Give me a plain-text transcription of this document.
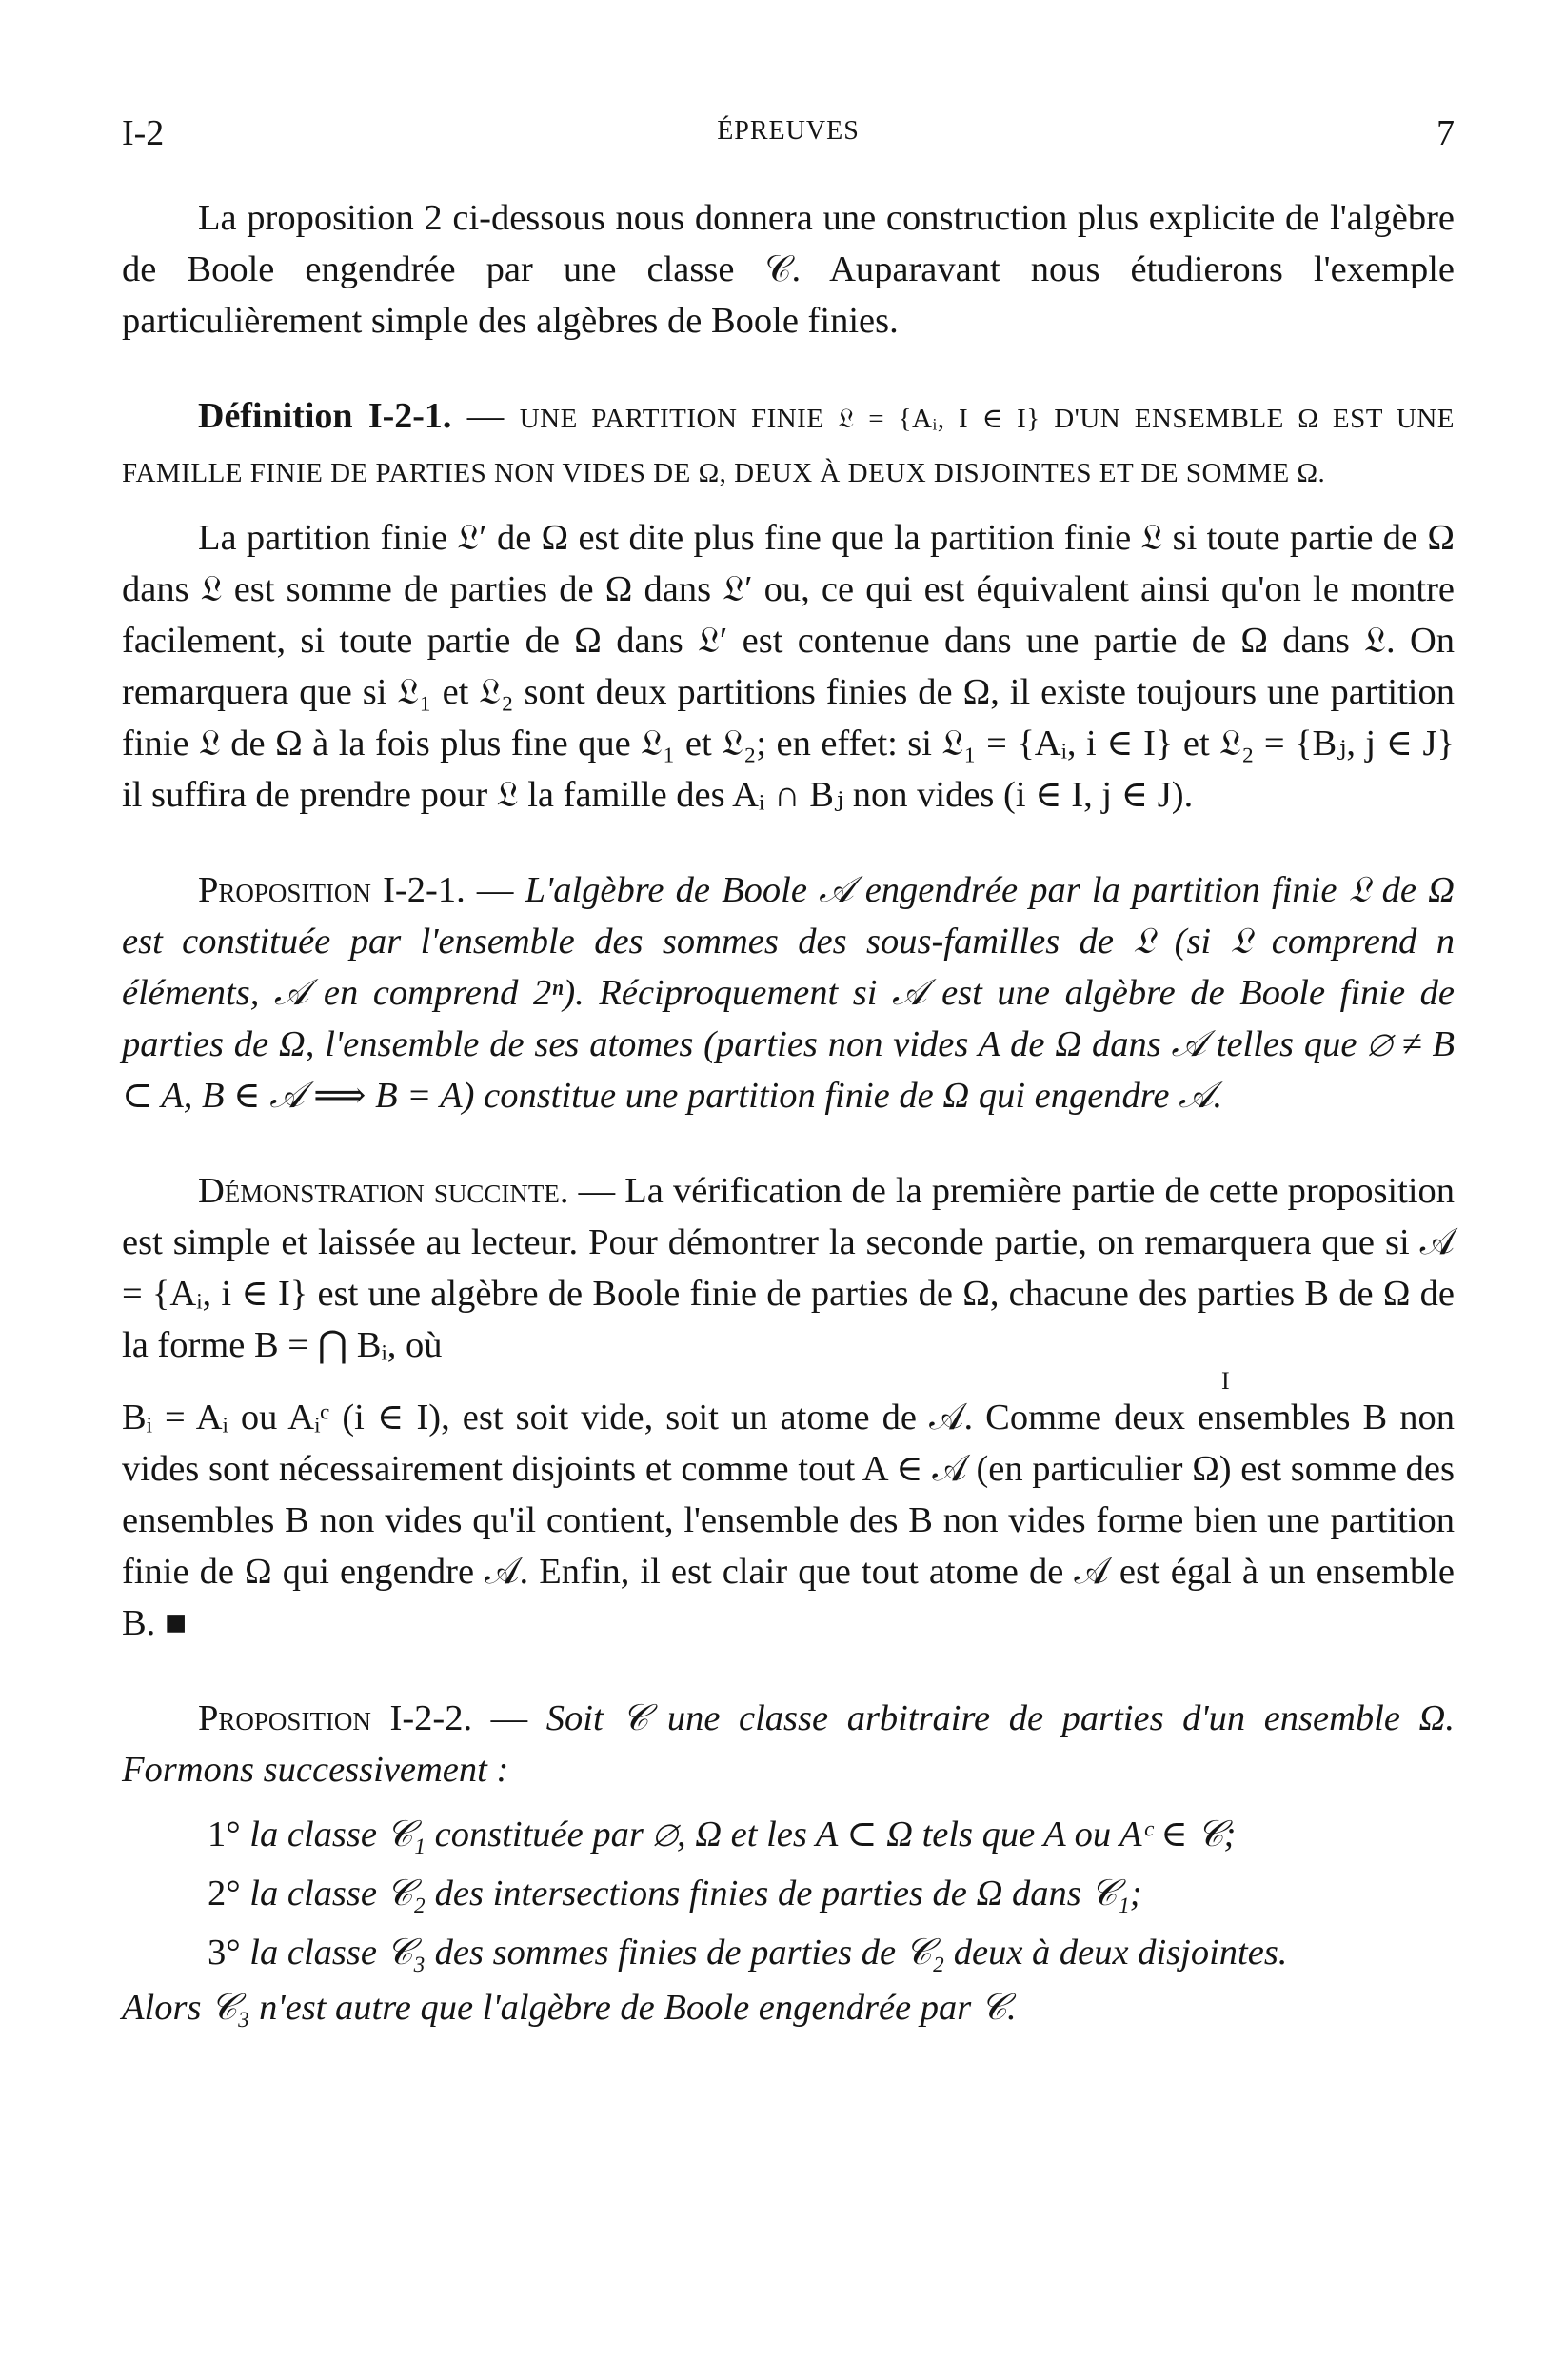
I-2	ÉPREUVES	7

La proposition 2 ci-dessous nous donnera une construction plus explicite de l'algèbre de Boole engendrée par une classe 𝒞. Auparavant nous étudierons l'exemple particulièrement simple des algèbres de Boole finies.

Définition I-2-1. — UNE PARTITION FINIE 𝔏 = {Aᵢ, I ∈ I} D'UN ENSEMBLE Ω EST UNE FAMILLE FINIE DE PARTIES NON VIDES DE Ω, DEUX À DEUX DISJOINTES ET DE SOMME Ω.

La partition finie 𝔏′ de Ω est dite plus fine que la partition finie 𝔏 si toute partie de Ω dans 𝔏 est somme de parties de Ω dans 𝔏′ ou, ce qui est équivalent ainsi qu'on le montre facilement, si toute partie de Ω dans 𝔏′ est contenue dans une partie de Ω dans 𝔏. On remarquera que si 𝔏₁ et 𝔏₂ sont deux partitions finies de Ω, il existe toujours une partition finie 𝔏 de Ω à la fois plus fine que 𝔏₁ et 𝔏₂; en effet: si 𝔏₁ = {Aᵢ, i ∈ I} et 𝔏₂ = {Bⱼ, j ∈ J} il suffira de prendre pour 𝔏 la famille des Aᵢ ∩ Bⱼ non vides (i ∈ I, j ∈ J).

Proposition I-2-1. — L'algèbre de Boole 𝒜 engendrée par la partition finie 𝔏 de Ω est constituée par l'ensemble des sommes des sous-familles de 𝔏 (si 𝔏 comprend n éléments, 𝒜 en comprend 2ⁿ). Réciproquement si 𝒜 est une algèbre de Boole finie de parties de Ω, l'ensemble de ses atomes (parties non vides A de Ω dans 𝒜 telles que ∅ ≠ B ⊂ A, B ∈ 𝒜 ⟹ B = A) constitue une partition finie de Ω qui engendre 𝒜.

Démonstration succinte. — La vérification de la première partie de cette proposition est simple et laissée au lecteur. Pour démontrer la seconde partie, on remarquera que si 𝒜 = {Aᵢ, i ∈ I} est une algèbre de Boole finie de parties de Ω, chacune des parties B de Ω de la forme B = ⋂ Bᵢ, où

I

Bᵢ = Aᵢ ou Aᵢᶜ (i ∈ I), est soit vide, soit un atome de 𝒜. Comme deux ensembles B non vides sont nécessairement disjoints et comme tout A ∈ 𝒜 (en particulier Ω) est somme des ensembles B non vides qu'il contient, l'ensemble des B non vides forme bien une partition finie de Ω qui engendre 𝒜. Enfin, il est clair que tout atome de 𝒜 est égal à un ensemble B. ■

Proposition I-2-2. — Soit 𝒞 une classe arbitraire de parties d'un ensemble Ω. Formons successivement :

1° la classe 𝒞₁ constituée par ∅, Ω et les A ⊂ Ω tels que A ou Aᶜ ∈ 𝒞;
2° la classe 𝒞₂ des intersections finies de parties de Ω dans 𝒞₁;
3° la classe 𝒞₃ des sommes finies de parties de 𝒞₂ deux à deux disjointes.

Alors 𝒞₃ n'est autre que l'algèbre de Boole engendrée par 𝒞.
